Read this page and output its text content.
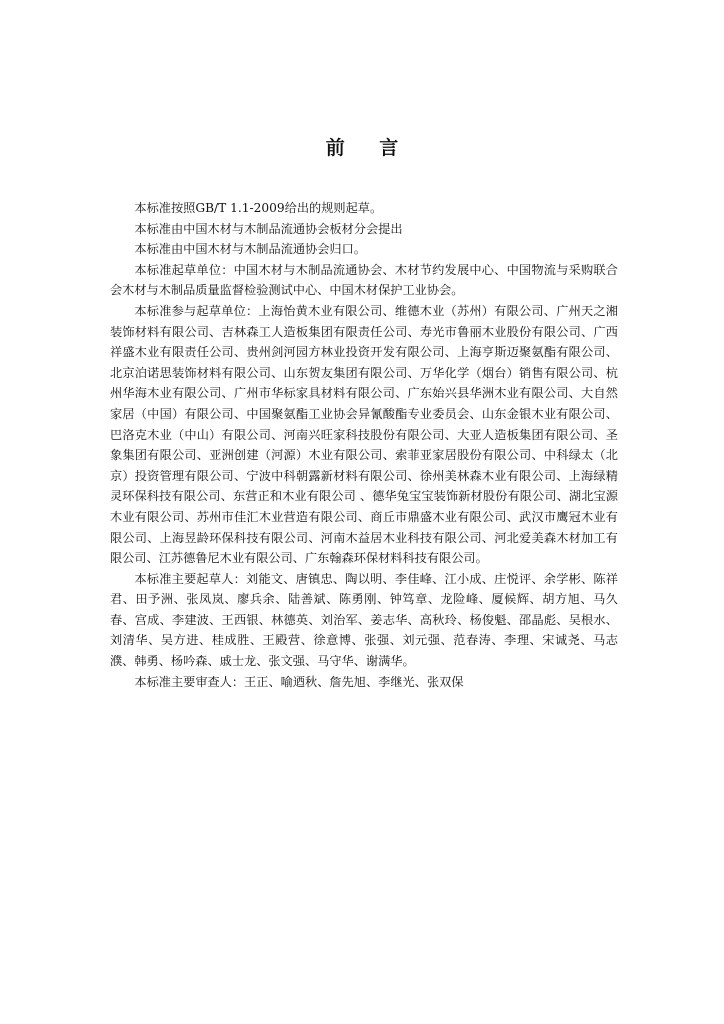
前 言

本标准按照GB/T 1.1-2009给出的规则起草。

本标准由中国木材与木制品流通协会板材分会提出

本标准由中国木材与木制品流通协会归口。

本标准起草单位：中国木材与木制品流通协会、木材节约发展中心、中国物流与采购联合会木材与木制品质量监督检验测试中心、中国木材保护工业协会。

本标准参与起草单位：上海怡黄木业有限公司、维德木业（苏州）有限公司、广州天之湘装饰材料有限公司、吉林森工人造板集团有限责任公司、寿光市鲁丽木业股份有限公司、广西祥盛木业有限责任公司、贵州剑河园方林业投资开发有限公司、上海亨斯迈聚氨酯有限公司、北京泊诺思装饰材料有限公司、山东贺友集团有限公司、万华化学（烟台）销售有限公司、杭州华海木业有限公司、广州市华标家具材料有限公司、广东始兴县华洲木业有限公司、大自然家居（中国）有限公司、中国聚氨酯工业协会异氰酸酯专业委员会、山东金银木业有限公司、巴洛克木业（中山）有限公司、河南兴旺家科技股份有限公司、大亚人造板集团有限公司、圣象集团有限公司、亚洲创建（河源）木业有限公司、索菲亚家居股份有限公司、中科绿太（北京）投资管理有限公司、宁波中科朝露新材料有限公司、徐州美林森木业有限公司、上海绿精灵环保科技有限公司、东营正和木业有限公司 、德华兔宝宝装饰新材股份有限公司、湖北宝源木业有限公司、苏州市佳汇木业营造有限公司、商丘市鼎盛木业有限公司、武汉市鹰冠木业有限公司、上海昱龄环保科技有限公司、河南木益居木业科技有限公司、河北爱美森木材加工有限公司、江苏德鲁尼木业有限公司、广东翰森环保材料科技有限公司。

本标准主要起草人：刘能文、唐镇忠、陶以明、李佳峰、江小成、庄悦评、余学彬、陈祥君、田予洲、张凤岚、廖兵余、陆善斌、陈勇刚、钟笃章、龙险峰、厦候辉、胡方旭、马久春、宫成、李建波、王西银、林德英、刘治军、姜志华、高秋玲、杨俊魁、邵晶彪、吴根水、刘清华、吴方进、桂成胜、王殿营、徐意博、张强、刘元强、范春涛、李理、宋诚尧、马志濮、韩勇、杨吟森、戚士龙、张文强、马守华、谢满华。

本标准主要审查人：王正、喻迺秋、詹先旭、李继光、张双保
